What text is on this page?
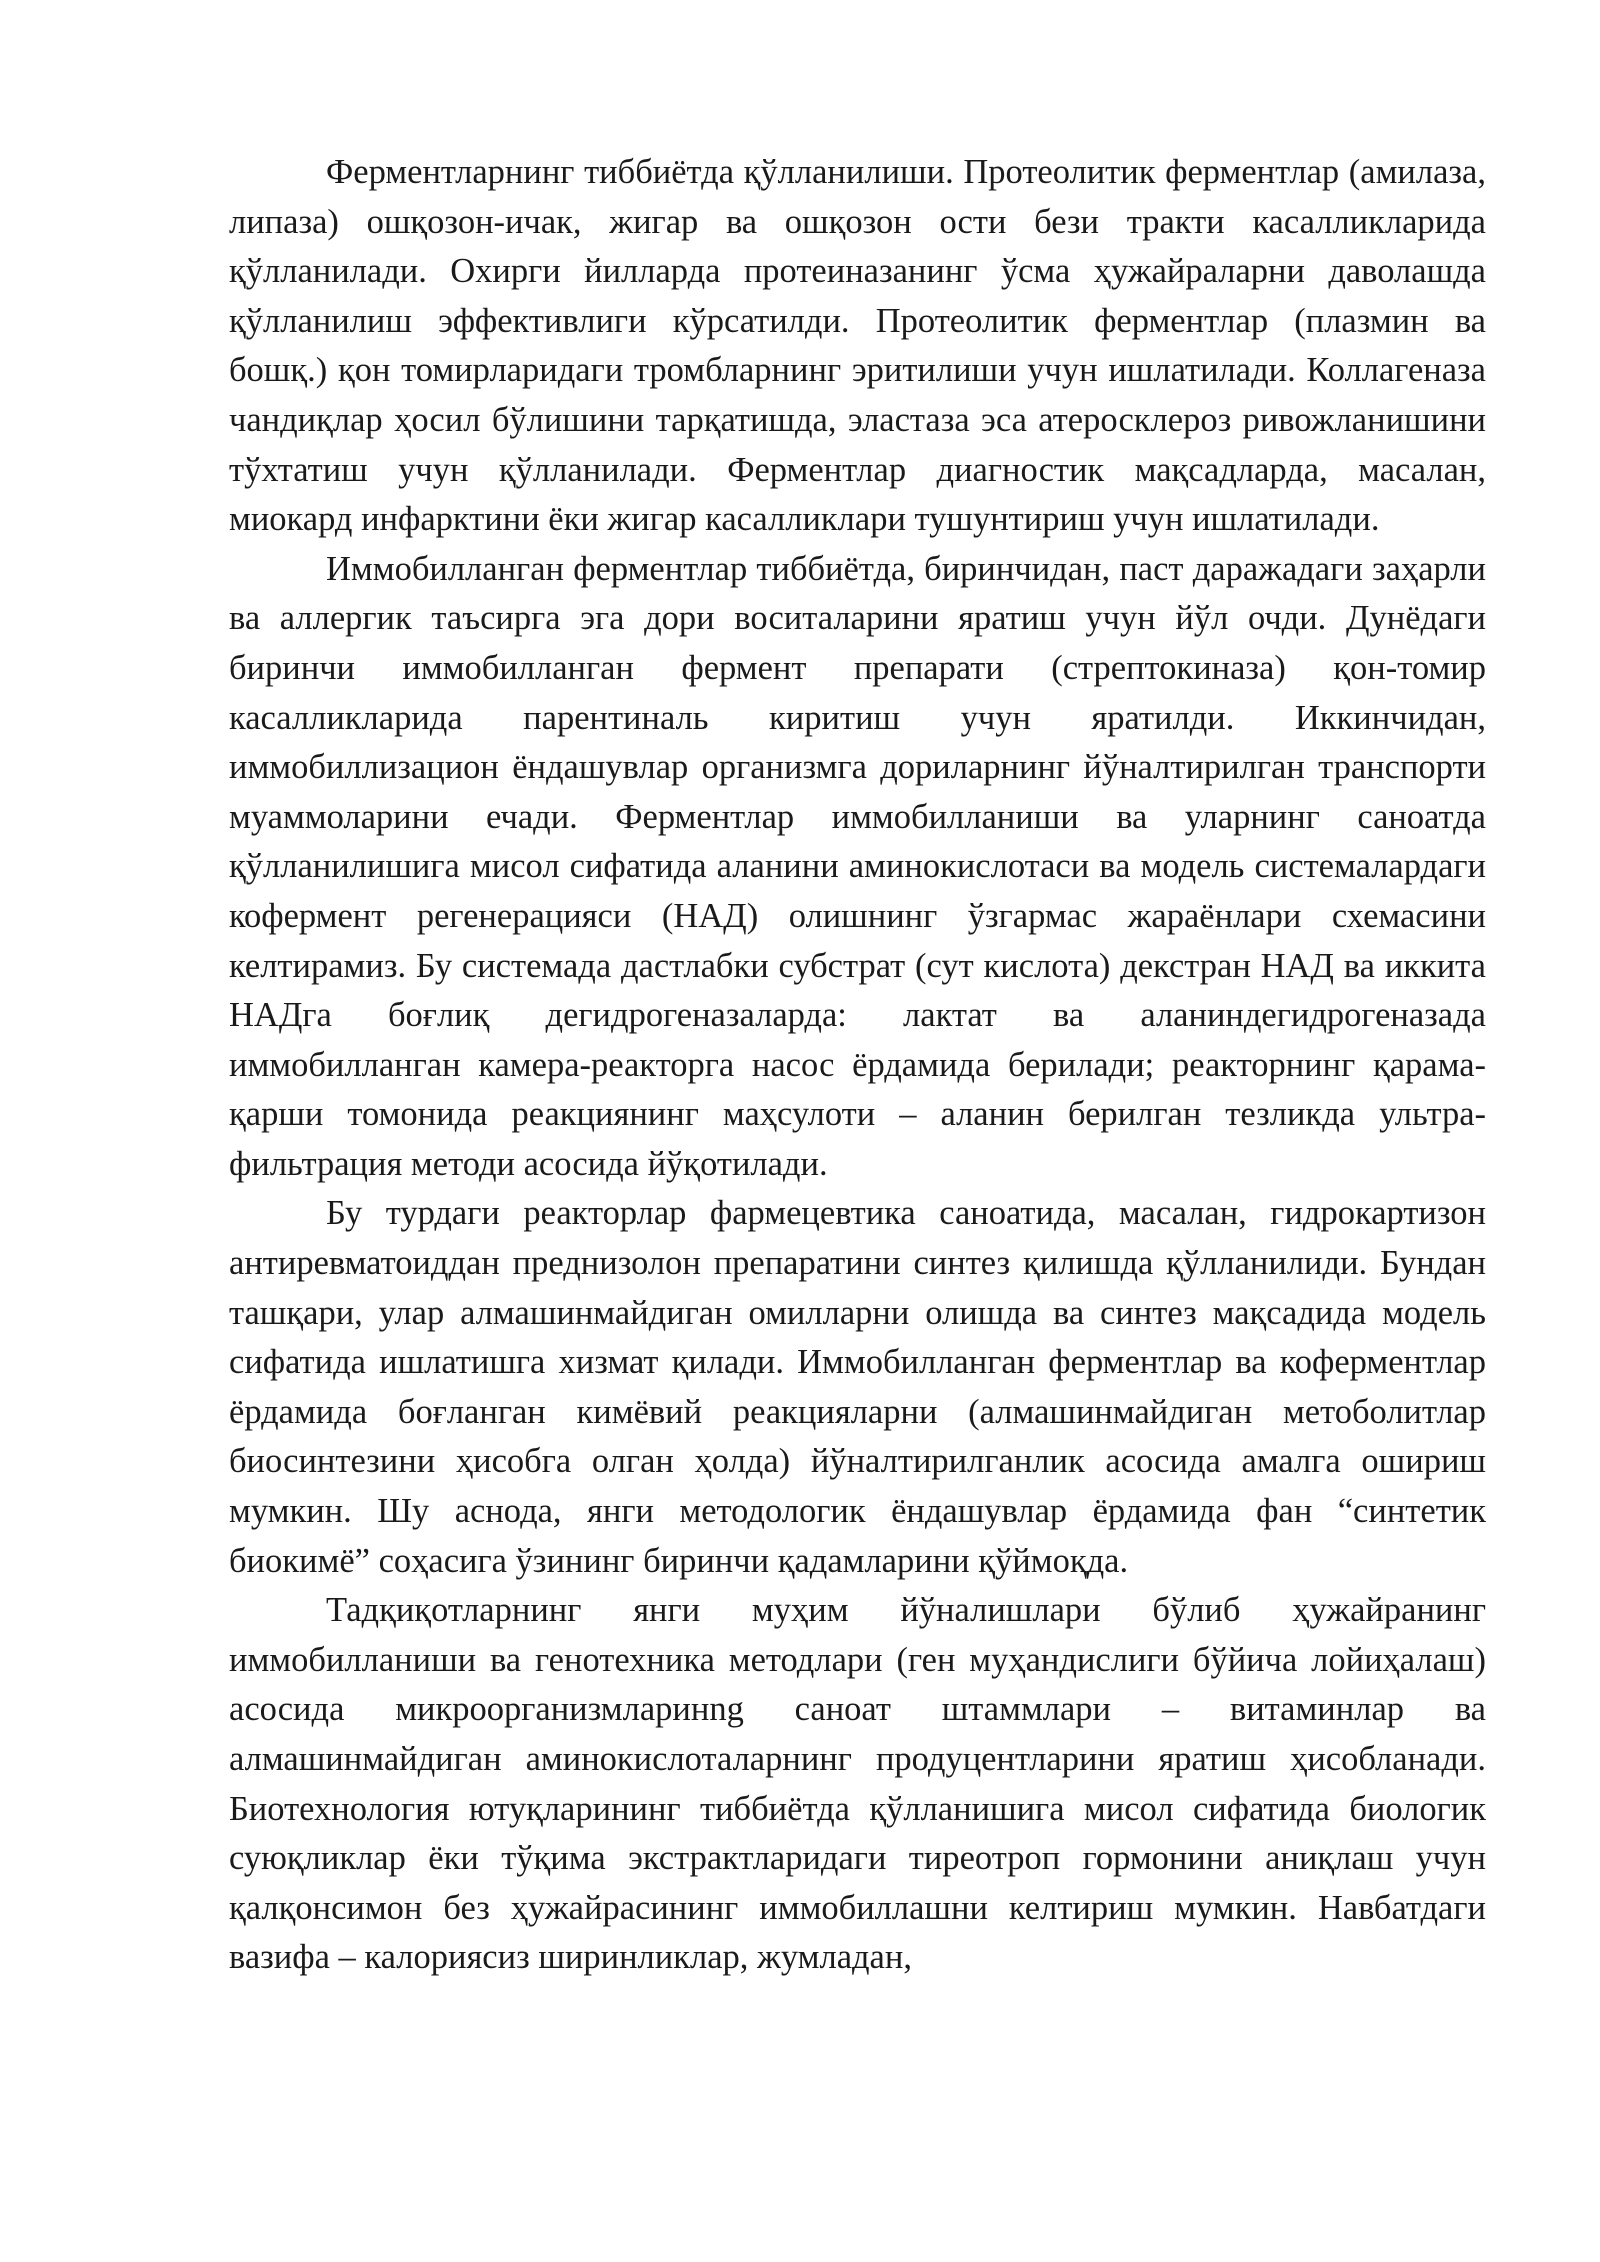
Ферментларнинг тиббиётда қўлланилиши. Протеолитик ферментлар (амилаза, липаза) ошқозон-ичак, жигар ва ошқозон ости бези тракти касалликларида қўлланилади. Охирги йилларда протеиназанинг ўсма ҳужайраларни даволашда қўлланилиш эффективлиги кўрсатилди. Протеолитик ферментлар (плазмин ва бошқ.) қон томирларидаги тромбларнинг эритилиши учун ишлатилади. Коллагеназа чандиқлар ҳосил бўлишини тарқатишда, эластаза эса атеросклероз ривожланишини тўхтатиш учун қўлланилади. Ферментлар диагностик мақсадларда, масалан, миокард инфарктини ёки жигар касалликлари тушунтириш учун ишлатилади.

Иммобилланган ферментлар тиббиётда, биринчидан, паст даражадаги заҳарли ва аллергик таъсирга эга дори воситаларини яратиш учун йўл очди. Дунёдаги биринчи иммобилланган фермент препарати (стрептокиназа) қон-томир касалликларида парентиналь киритиш учун яратилди. Иккинчидан, иммобиллизацион ёндашувлар организмга дориларнинг йўналтирилган транспорти муаммоларини ечади. Ферментлар иммобилланиши ва уларнинг саноатда қўлланилишига мисол сифатида аланини аминокислотаси ва модель системалардаги кофермент регенерацияси (НАД) олишнинг ўзгармас жараёнлари схемасини келтирамиз. Бу системада дастлабки субстрат (сут кислота) декстран НАД ва иккита НАДга боғлиқ дегидрогеназаларда: лактат ва аланиндегидрогеназада иммобилланган камера-реакторга насос ёрдамида берилади; реакторнинг қарама-қарши томонида реакциянинг маҳсулоти – аланин берилган тезликда ультра-фильтрация методи асосида йўқотилади.

Бу турдаги реакторлар фармецевтика саноатида, масалан, гидрокартизон антиревматоиддан преднизолон препаратини синтез қилишда қўлланилиди. Бундан ташқари, улар алмашинмайдиган омилларни олишда ва синтез мақсадида модель сифатида ишлатишга хизмат қилади. Иммобилланган ферментлар ва коферментлар ёрдамида боғланган кимёвий реакцияларни (алмашинмайдиган метоболитлар биосинтезини ҳисобга олган ҳолда) йўналтирилганлик асосида амалга ошириш мумкин. Шу аснода, янги методологик ёндашувлар ёрдамида фан “синтетик биокимё” соҳасига ўзининг биринчи қадамларини қўймоқда.

Тадқиқотларнинг янги муҳим йўналишлари бўлиб ҳужайранинг иммобилланиши ва генотехника методлари (ген муҳандислиги бўйича лойиҳалаш) асосида микроорганизмларинng саноат штаммлари – витаминлар ва алмашинмайдиган аминокислоталарнинг продуцентларини яратиш ҳисобланади. Биотехнология ютуқларининг тиббиётда қўлланишига мисол сифатида биологик суюқликлар ёки тўқима экстрактларидаги тиреотроп гормонини аниқлаш учун қалқонсимон без ҳужайрасининг иммобиллашни келтириш мумкин. Навбатдаги вазифа – калориясиз ширинликлар, жумладан,
